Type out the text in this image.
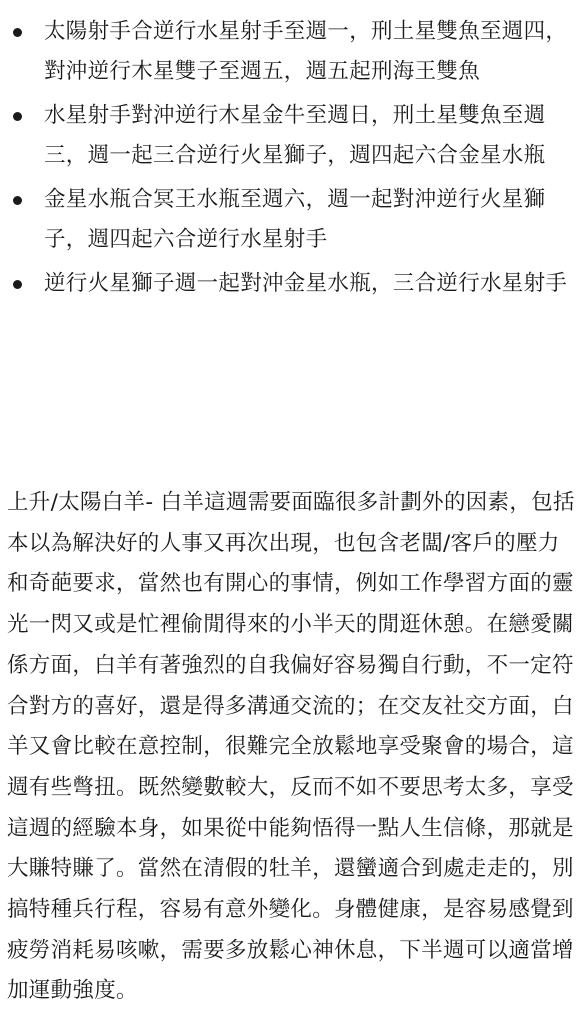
太陽射手合逆行水星射手至週一，刑土星雙魚至週四，對沖逆行木星雙子至週五，週五起刑海王雙魚
水星射手對沖逆行木星金牛至週日，刑土星雙魚至週三，週一起三合逆行火星獅子，週四起六合金星水瓶
金星水瓶合冥王水瓶至週六，週一起對沖逆行火星獅子，週四起六合逆行水星射手
逆行火星獅子週一起對沖金星水瓶，三合逆行水星射手

上升/太陽白羊- 白羊這週需要面臨很多計劃外的因素，包括本以為解決好的人事又再次出現，也包含老闆/客戶的壓力和奇葩要求，當然也有開心的事情，例如工作學習方面的靈光一閃又或是忙裡偷閒得來的小半天的閒逛休憩。在戀愛關係方面，白羊有著強烈的自我偏好容易獨自行動，不一定符合對方的喜好，還是得多溝通交流的；在交友社交方面，白羊又會比較在意控制，很難完全放鬆地享受聚會的場合，這週有些彆扭。既然變數較大，反而不如不要思考太多，享受這週的經驗本身，如果從中能夠悟得一點人生信條，那就是大賺特賺了。當然在清假的牡羊，還蠻適合到處走走的，別搞特種兵行程，容易有意外變化。身體健康，是容易感覺到疲勞消耗易咳嗽，需要多放鬆心神休息，下半週可以適當增加運動強度。
